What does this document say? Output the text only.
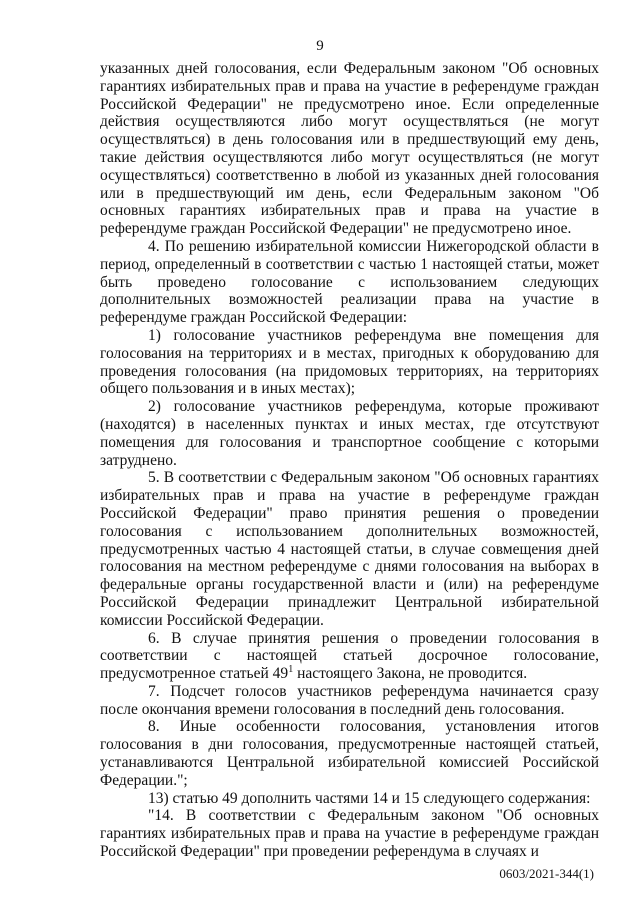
9

указанных дней голосования, если Федеральным законом "Об основных гарантиях избирательных прав и права на участие в референдуме граждан Российской Федерации" не предусмотрено иное. Если определенные действия осуществляются либо могут осуществляться (не могут осуществляться) в день голосования или в предшествующий ему день, такие действия осуществляются либо могут осуществляться (не могут осуществляться) соответственно в любой из указанных дней голосования или в предшествующий им день, если Федеральным законом "Об основных гарантиях избирательных прав и права на участие в референдуме граждан Российской Федерации" не предусмотрено иное.

4. По решению избирательной комиссии Нижегородской области в период, определенный в соответствии с частью 1 настоящей статьи, может быть проведено голосование с использованием следующих дополнительных возможностей реализации права на участие в референдуме граждан Российской Федерации:

1) голосование участников референдума вне помещения для голосования на территориях и в местах, пригодных к оборудованию для проведения голосования (на придомовых территориях, на территориях общего пользования и в иных местах);

2) голосование участников референдума, которые проживают (находятся) в населенных пунктах и иных местах, где отсутствуют помещения для голосования и транспортное сообщение с которыми затруднено.

5. В соответствии с Федеральным законом "Об основных гарантиях избирательных прав и права на участие в референдуме граждан Российской Федерации" право принятия решения о проведении голосования с использованием дополнительных возможностей, предусмотренных частью 4 настоящей статьи, в случае совмещения дней голосования на местном референдуме с днями голосования на выборах в федеральные органы государственной власти и (или) на референдуме Российской Федерации принадлежит Центральной избирательной комиссии Российской Федерации.

6. В случае принятия решения о проведении голосования в соответствии с настоящей статьей досрочное голосование, предусмотренное статьей $49^1$ настоящего Закона, не проводится.

7. Подсчет голосов участников референдума начинается сразу после окончания времени голосования в последний день голосования.

8. Иные особенности голосования, установления итогов голосования в дни голосования, предусмотренные настоящей статьей, устанавливаются Центральной избирательной комиссией Российской Федерации.";

13) статью 49 дополнить частями 14 и 15 следующего содержания:

"14. В соответствии с Федеральным законом "Об основных гарантиях избирательных прав и права на участие в референдуме граждан Российской Федерации" при проведении референдума в случаях и

0603/2021-344(1)
